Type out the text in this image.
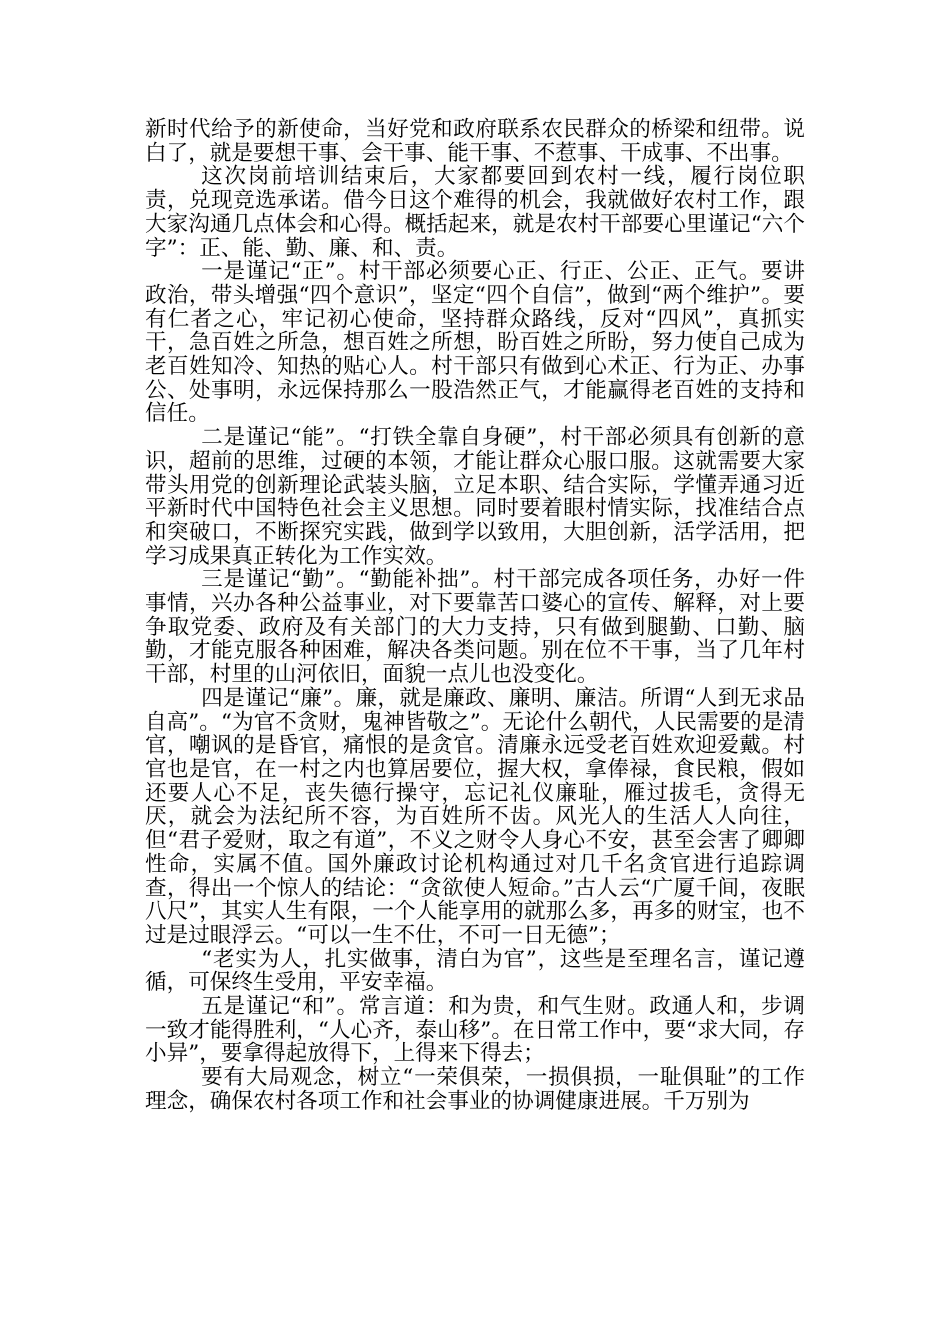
新时代给予的新使命，当好党和政府联系农民群众的桥梁和纽带。说白了，就是要想干事、会干事、能干事、不惹事、干成事、不出事。

这次岗前培训结束后，大家都要回到农村一线，履行岗位职责，兑现竞选承诺。借今日这个难得的机会，我就做好农村工作，跟大家沟通几点体会和心得。概括起来，就是农村干部要心里谨记“六个字”：正、能、勤、廉、和、责。

一是谨记“正”。村干部必须要心正、行正、公正、正气。要讲政治，带头增强“四个意识”，坚定“四个自信”，做到“两个维护”。要有仁者之心，牢记初心使命，坚持群众路线，反对“四风”，真抓实干，急百姓之所急，想百姓之所想，盼百姓之所盼，努力使自己成为老百姓知冷、知热的贴心人。村干部只有做到心术正、行为正、办事公、处事明，永远保持那么一股浩然正气，才能赢得老百姓的支持和信任。

二是谨记“能”。“打铁全靠自身硬”，村干部必须具有创新的意识，超前的思维，过硬的本领，才能让群众心服口服。这就需要大家带头用党的创新理论武装头脑，立足本职、结合实际，学懂弄通习近平新时代中国特色社会主义思想。同时要着眼村情实际，找准结合点和突破口，不断探究实践，做到学以致用，大胆创新，活学活用，把学习成果真正转化为工作实效。

三是谨记“勤”。“勤能补拙”。村干部完成各项任务，办好一件事情，兴办各种公益事业，对下要靠苦口婆心的宣传、解释，对上要争取党委、政府及有关部门的大力支持，只有做到腿勤、口勤、脑勤，才能克服各种困难，解决各类问题。别在位不干事，当了几年村干部，村里的山河依旧，面貌一点儿也没变化。

四是谨记“廉”。廉，就是廉政、廉明、廉洁。所谓“人到无求品自高”。“为官不贪财，鬼神皆敬之”。无论什么朝代，人民需要的是清官，嘲讽的是昏官，痛恨的是贪官。清廉永远受老百姓欢迎爱戴。村官也是官，在一村之内也算居要位，握大权，拿俸禄，食民粮，假如还要人心不足，丧失德行操守，忘记礼仪廉耻，雁过拔毛，贪得无厌，就会为法纪所不容，为百姓所不齿。风光人的生活人人向往，但“君子爱财，取之有道”，不义之财令人身心不安，甚至会害了卿卿性命，实属不值。国外廉政讨论机构通过对几千名贪官进行追踪调查，得出一个惊人的结论：“贪欲使人短命。”古人云“广厦千间，夜眠八尺”，其实人生有限，一个人能享用的就那么多，再多的财宝，也不过是过眼浮云。“可以一生不仕，不可一日无德”；

“老实为人，扎实做事，清白为官”，这些是至理名言，谨记遵循，可保终生受用，平安幸福。

五是谨记“和”。常言道：和为贵，和气生财。政通人和，步调一致才能得胜利，“人心齐，泰山移”。在日常工作中，要“求大同，存小异”，要拿得起放得下，上得来下得去；

要有大局观念，树立“一荣俱荣，一损俱损，一耻俱耻”的工作理念，确保农村各项工作和社会事业的协调健康进展。千万别为
